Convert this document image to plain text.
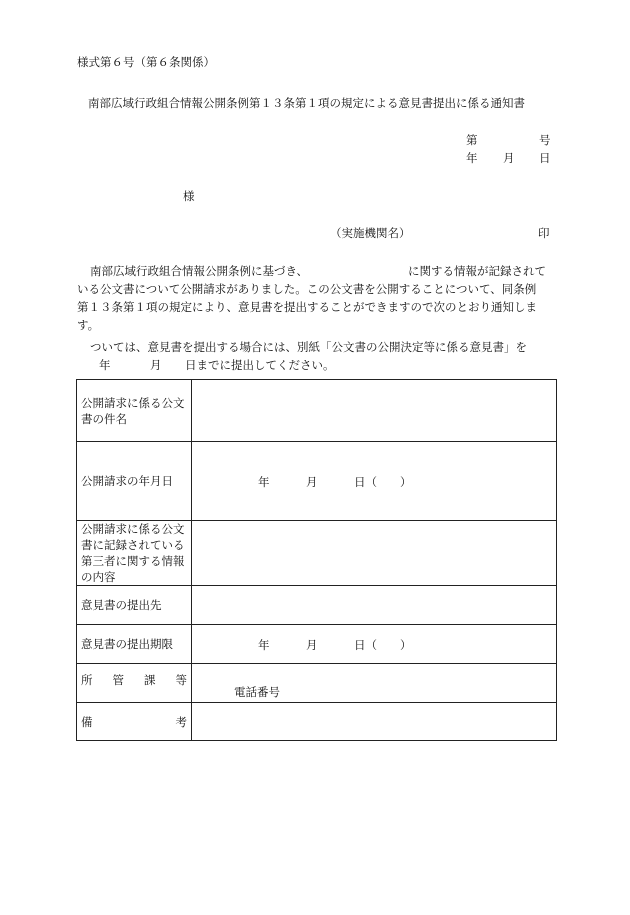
様式第６号（第６条関係）
南部広域行政組合情報公開条例第１３条第１項の規定による意見書提出に係る通知書
第	号
年 月 日
様
（実施機関名）	印
南部広域行政組合情報公開条例に基づき、	に関する情報が記録されて
いる公文書について公開請求がありました。この公文書を公開することについて、同条例
第１３条第１項の規定により、意見書を提出することができますので次のとおり通知しま
す。
ついては、意見書を提出する場合には、別紙「公文書の公開決定等に係る意見書」を
年	月 日までに提出してください。
公開請求に係る公文書の件名	
公開請求の年月日	年 月 日（　　）

公開請求に係る公文書に記録されている第三者に関する情報の内容	
意見書の提出先	
意見書の提出期限	年 月 日（　　）

所 管 課 等	電話番号

備 考	
